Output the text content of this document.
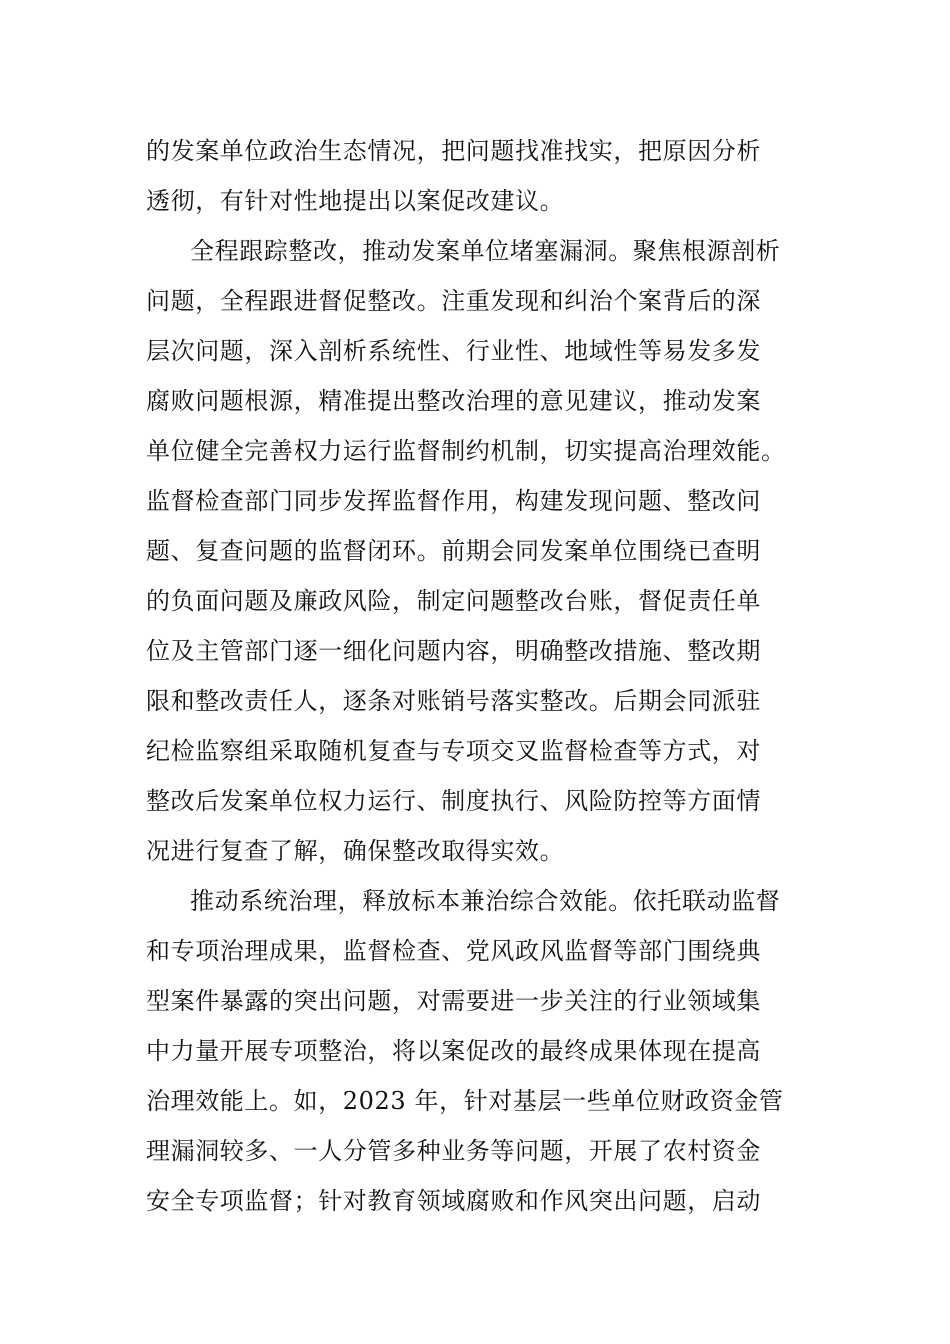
的发案单位政治生态情况，把问题找准找实，把原因分析
透彻，有针对性地提出以案促改建议。
全程跟踪整改，推动发案单位堵塞漏洞。聚焦根源剖析
问题，全程跟进督促整改。注重发现和纠治个案背后的深
层次问题，深入剖析系统性、行业性、地域性等易发多发
腐败问题根源，精准提出整改治理的意见建议，推动发案
单位健全完善权力运行监督制约机制，切实提高治理效能。
监督检查部门同步发挥监督作用，构建发现问题、整改问
题、复查问题的监督闭环。前期会同发案单位围绕已查明
的负面问题及廉政风险，制定问题整改台账，督促责任单
位及主管部门逐一细化问题内容，明确整改措施、整改期
限和整改责任人，逐条对账销号落实整改。后期会同派驻
纪检监察组采取随机复查与专项交叉监督检查等方式，对
整改后发案单位权力运行、制度执行、风险防控等方面情
况进行复查了解，确保整改取得实效。
推动系统治理，释放标本兼治综合效能。依托联动监督
和专项治理成果，监督检查、党风政风监督等部门围绕典
型案件暴露的突出问题，对需要进一步关注的行业领域集
中力量开展专项整治，将以案促改的最终成果体现在提高
治理效能上。如，2023 年，针对基层一些单位财政资金管
理漏洞较多、一人分管多种业务等问题，开展了农村资金
安全专项监督；针对教育领域腐败和作风突出问题，启动
